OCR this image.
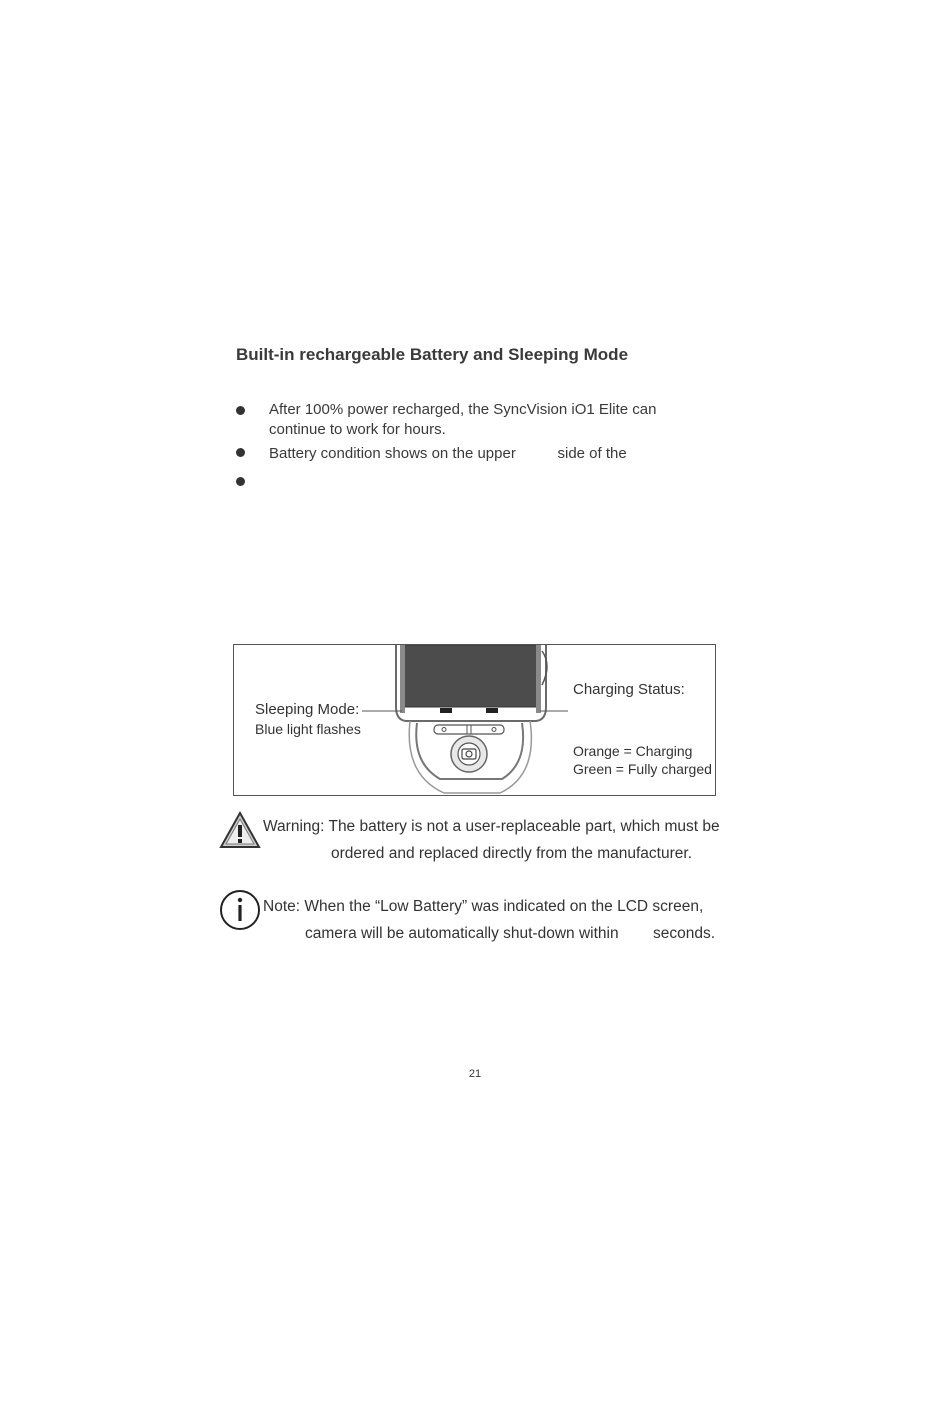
Built-in rechargeable Battery and Sleeping Mode
After 100% power recharged, the SyncVision iO1 Elite can
continue to work for hours.
Battery condition shows on the upper          side of the
Sleeping Mode:
Blue light flashes
Charging Status:
Orange = Charging
Green = Fully charged
Warning: The battery is not a user-replaceable part, which must be
ordered and replaced directly from the manufacturer.
Note: When the “Low Battery” was indicated on the LCD screen,
camera will be automatically shut-down within        seconds.
21
